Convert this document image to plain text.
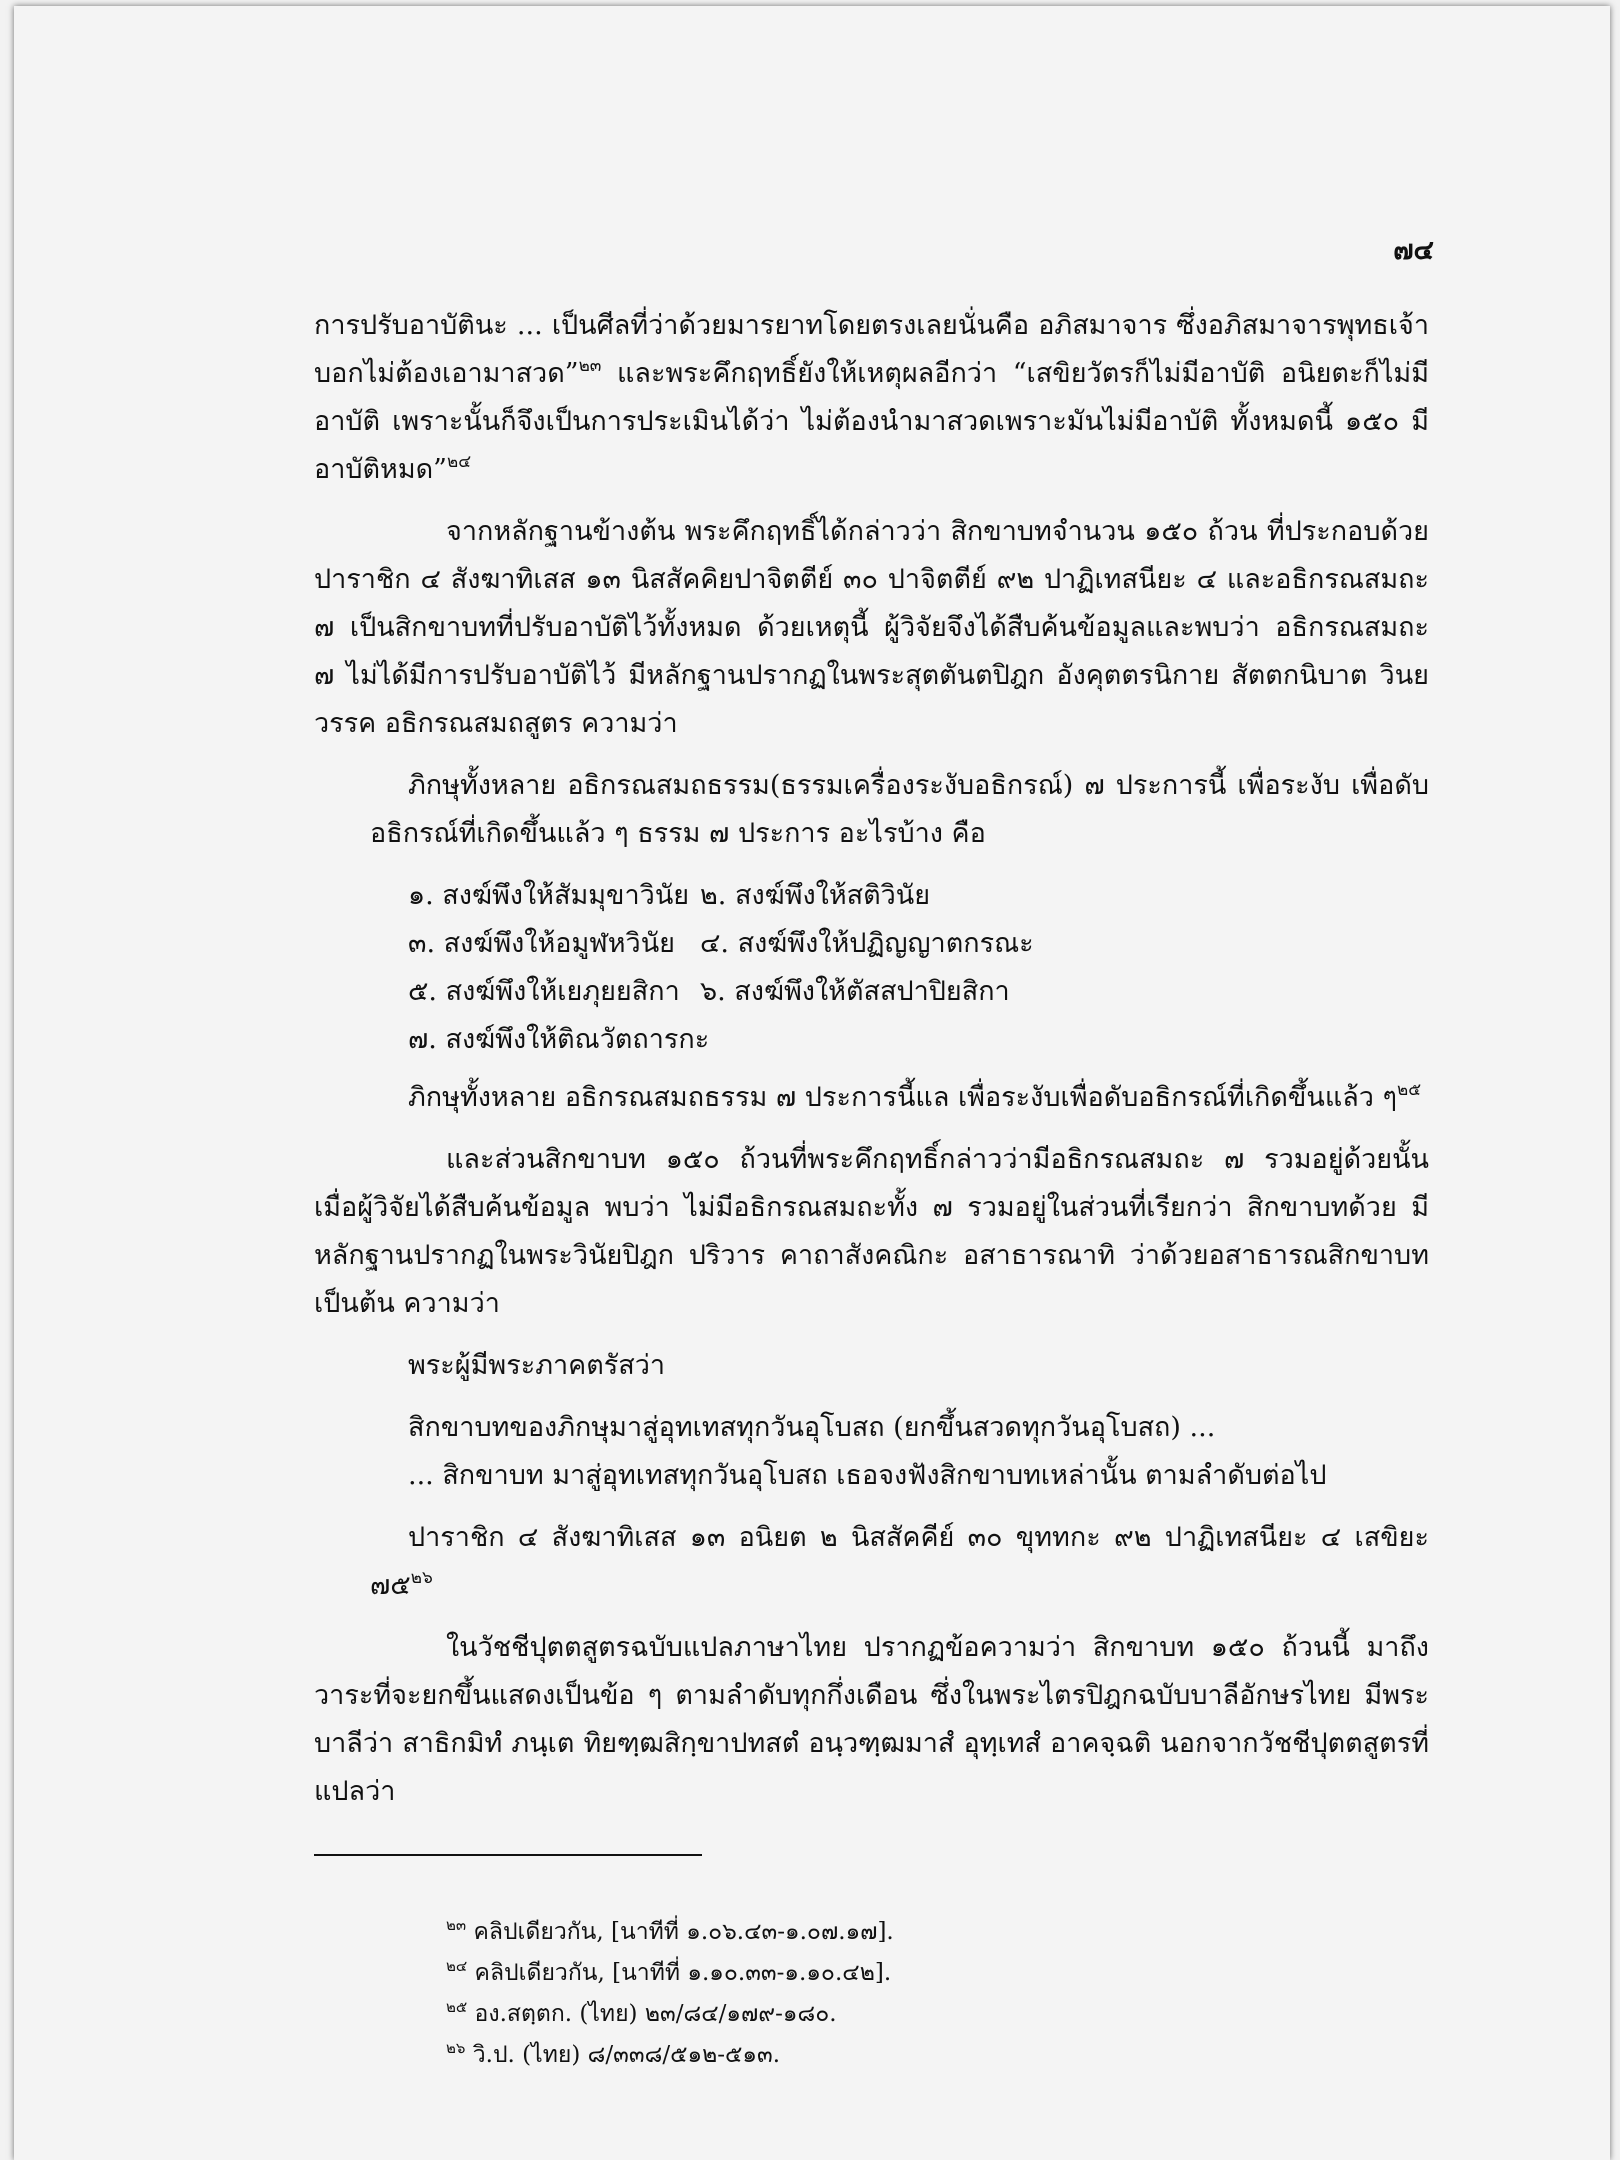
๗๔
การปรับอาบัติน​ะ ... เป็นศีลที่ว่าด้วยมารยาทโดยตรงเลยนั่นคือ อภิสมาจาร ซึ่งอภิสมาจารพุทธเจ้าบอกไม่ต้องเอามาสวด”$^{๒๓}$ และพระคึกฤทธิ์ยังให้เหตุผลอีกว่า “เสขิยวัตรก็ไม่มีอาบัติ อนิยตะก็ไม่มีอาบัติ เพราะนั้นก็จึงเป็นการประเมินได้ว่า ไม่ต้องนำมาสวดเพราะมันไม่มีอาบัติ ทั้งหมดนี้ ๑๕๐ มีอาบัติหมด”$^{๒๔}$
จากหลักฐานข้างต้น พระคึกฤทธิ์ได้กล่าวว่า สิกขาบทจำนวน ๑๕๐ ถ้วน ที่ประกอบด้วยปาราชิก ๔ สังฆาทิเสส ๑๓ นิสสัคคิยปาจิตตีย์ ๓๐ ปาจิตตีย์ ๙๒ ปาฏิเทสนียะ ๔ และอธิกรณสมถะ ๗ เป็นสิกขาบทที่ปรับอาบัติไว้ทั้งหมด ด้วยเหตุนี้ ผู้วิจัยจึงได้สืบค้นข้อมูลและพบว่า อธิกรณสมถะ ๗ ไม่ได้มีการปรับอาบัติไว้ มีหลักฐานปรากฏในพระสุตตันตปิฎก อังคุตตรนิกาย สัตตกนิบาต วินยวรรค อธิกรณสมถสูตร ความว่า
ภิกษุทั้งหลาย อธิกรณสมถธรรม(ธรรมเครื่องระงับอธิกรณ์) ๗ ประการนี้ เพื่อระงับ เพื่อดับอธิกรณ์ที่เกิดขึ้นแล้ว ๆ ธรรม ๗ ประการ อะไรบ้าง คือ
๑. สงฆ์พึงให้สัมมุขาวินัย ๒. สงฆ์พึงให้สติวินัย
๓. สงฆ์พึงให้อมูฬหวินัย ๔. สงฆ์พึงให้ปฏิญญาตกรณะ
๕. สงฆ์พึงให้เยภุยยสิกา ๖. สงฆ์พึงให้ตัสสปาปิยสิกา
๗. สงฆ์พึงให้ติณวัตถารกะ
ภิกษุทั้งหลาย อธิกรณสมถธรรม ๗ ประการนี้แล เพื่อระงับเพื่อดับอธิกรณ์ที่เกิดขึ้นแล้ว ๆ$^{๒๕}$
และส่วนสิกขาบท ๑๕๐ ถ้วนที่พระคึกฤทธิ์กล่าวว่ามีอธิกรณสมถะ ๗ รวมอยู่ด้วยนั้น เมื่อผู้วิจัยได้สืบค้นข้อมูล พบว่า ไม่มีอธิกรณสมถะทั้ง ๗ รวมอยู่ในส่วนที่เรียกว่า สิกขาบทด้วย มีหลักฐานปรากฏในพระวินัยปิฎก ปริวาร คาถาสังคณิกะ อสาธารณาทิ ว่าด้วยอสาธารณสิกขาบท เป็นต้น ความว่า
พระผู้มีพระภาคตรัสว่า
สิกขาบทของภิกษุมาสู่อุทเทสทุกวันอุโบสถ (ยกขึ้นสวดทุกวันอุโบสถ) ...
... สิกขาบท มาสู่อุทเทสทุกวันอุโบสถ เธอจงฟังสิกขาบทเหล่านั้น ตามลำดับต่อไป
ปาราชิก ๔ สังฆาทิเสส ๑๓ อนิยต ๒ นิสสัคคีย์ ๓๐ ขุททกะ ๙๒ ปาฏิเทสนียะ ๔ เสขิยะ ๗๕$^{๒๖}$
ในวัชชีปุตตสูตรฉบับแปลภาษาไทย ปรากฏข้อความว่า สิกขาบท ๑๕๐ ถ้วนนี้ มาถึงวาระที่จะยกขึ้นแสดงเป็นข้อ ๆ ตามลำดับทุกกึ่งเดือน ซึ่งในพระไตรปิฎกฉบับบาลีอักษรไทย มีพระบาลีว่า สาธิกมิทํ ภนฺเต ทิยฑฺฒสิกฺขาปทสตํ อนฺวฑฺฒมาสํ อุทฺเทสํ อาคจฺฉติ นอกจากวัชชีปุตตสูตรที่แปลว่า
$^{๒๓}$ คลิปเดียวกัน, [นาทีที่ ๑.๐๖.๔๓-๑.๐๗.๑๗].
$^{๒๔}$ คลิปเดียวกัน, [นาทีที่ ๑.๑๐.๓๓-๑.๑๐.๔๒].
$^{๒๕}$ อง.สตฺตก. (ไทย) ๒๓/๘๔/๑๗๙-๑๘๐.
$^{๒๖}$ วิ.ป. (ไทย) ๘/๓๓๘/๕๑๒-๕๑๓.
